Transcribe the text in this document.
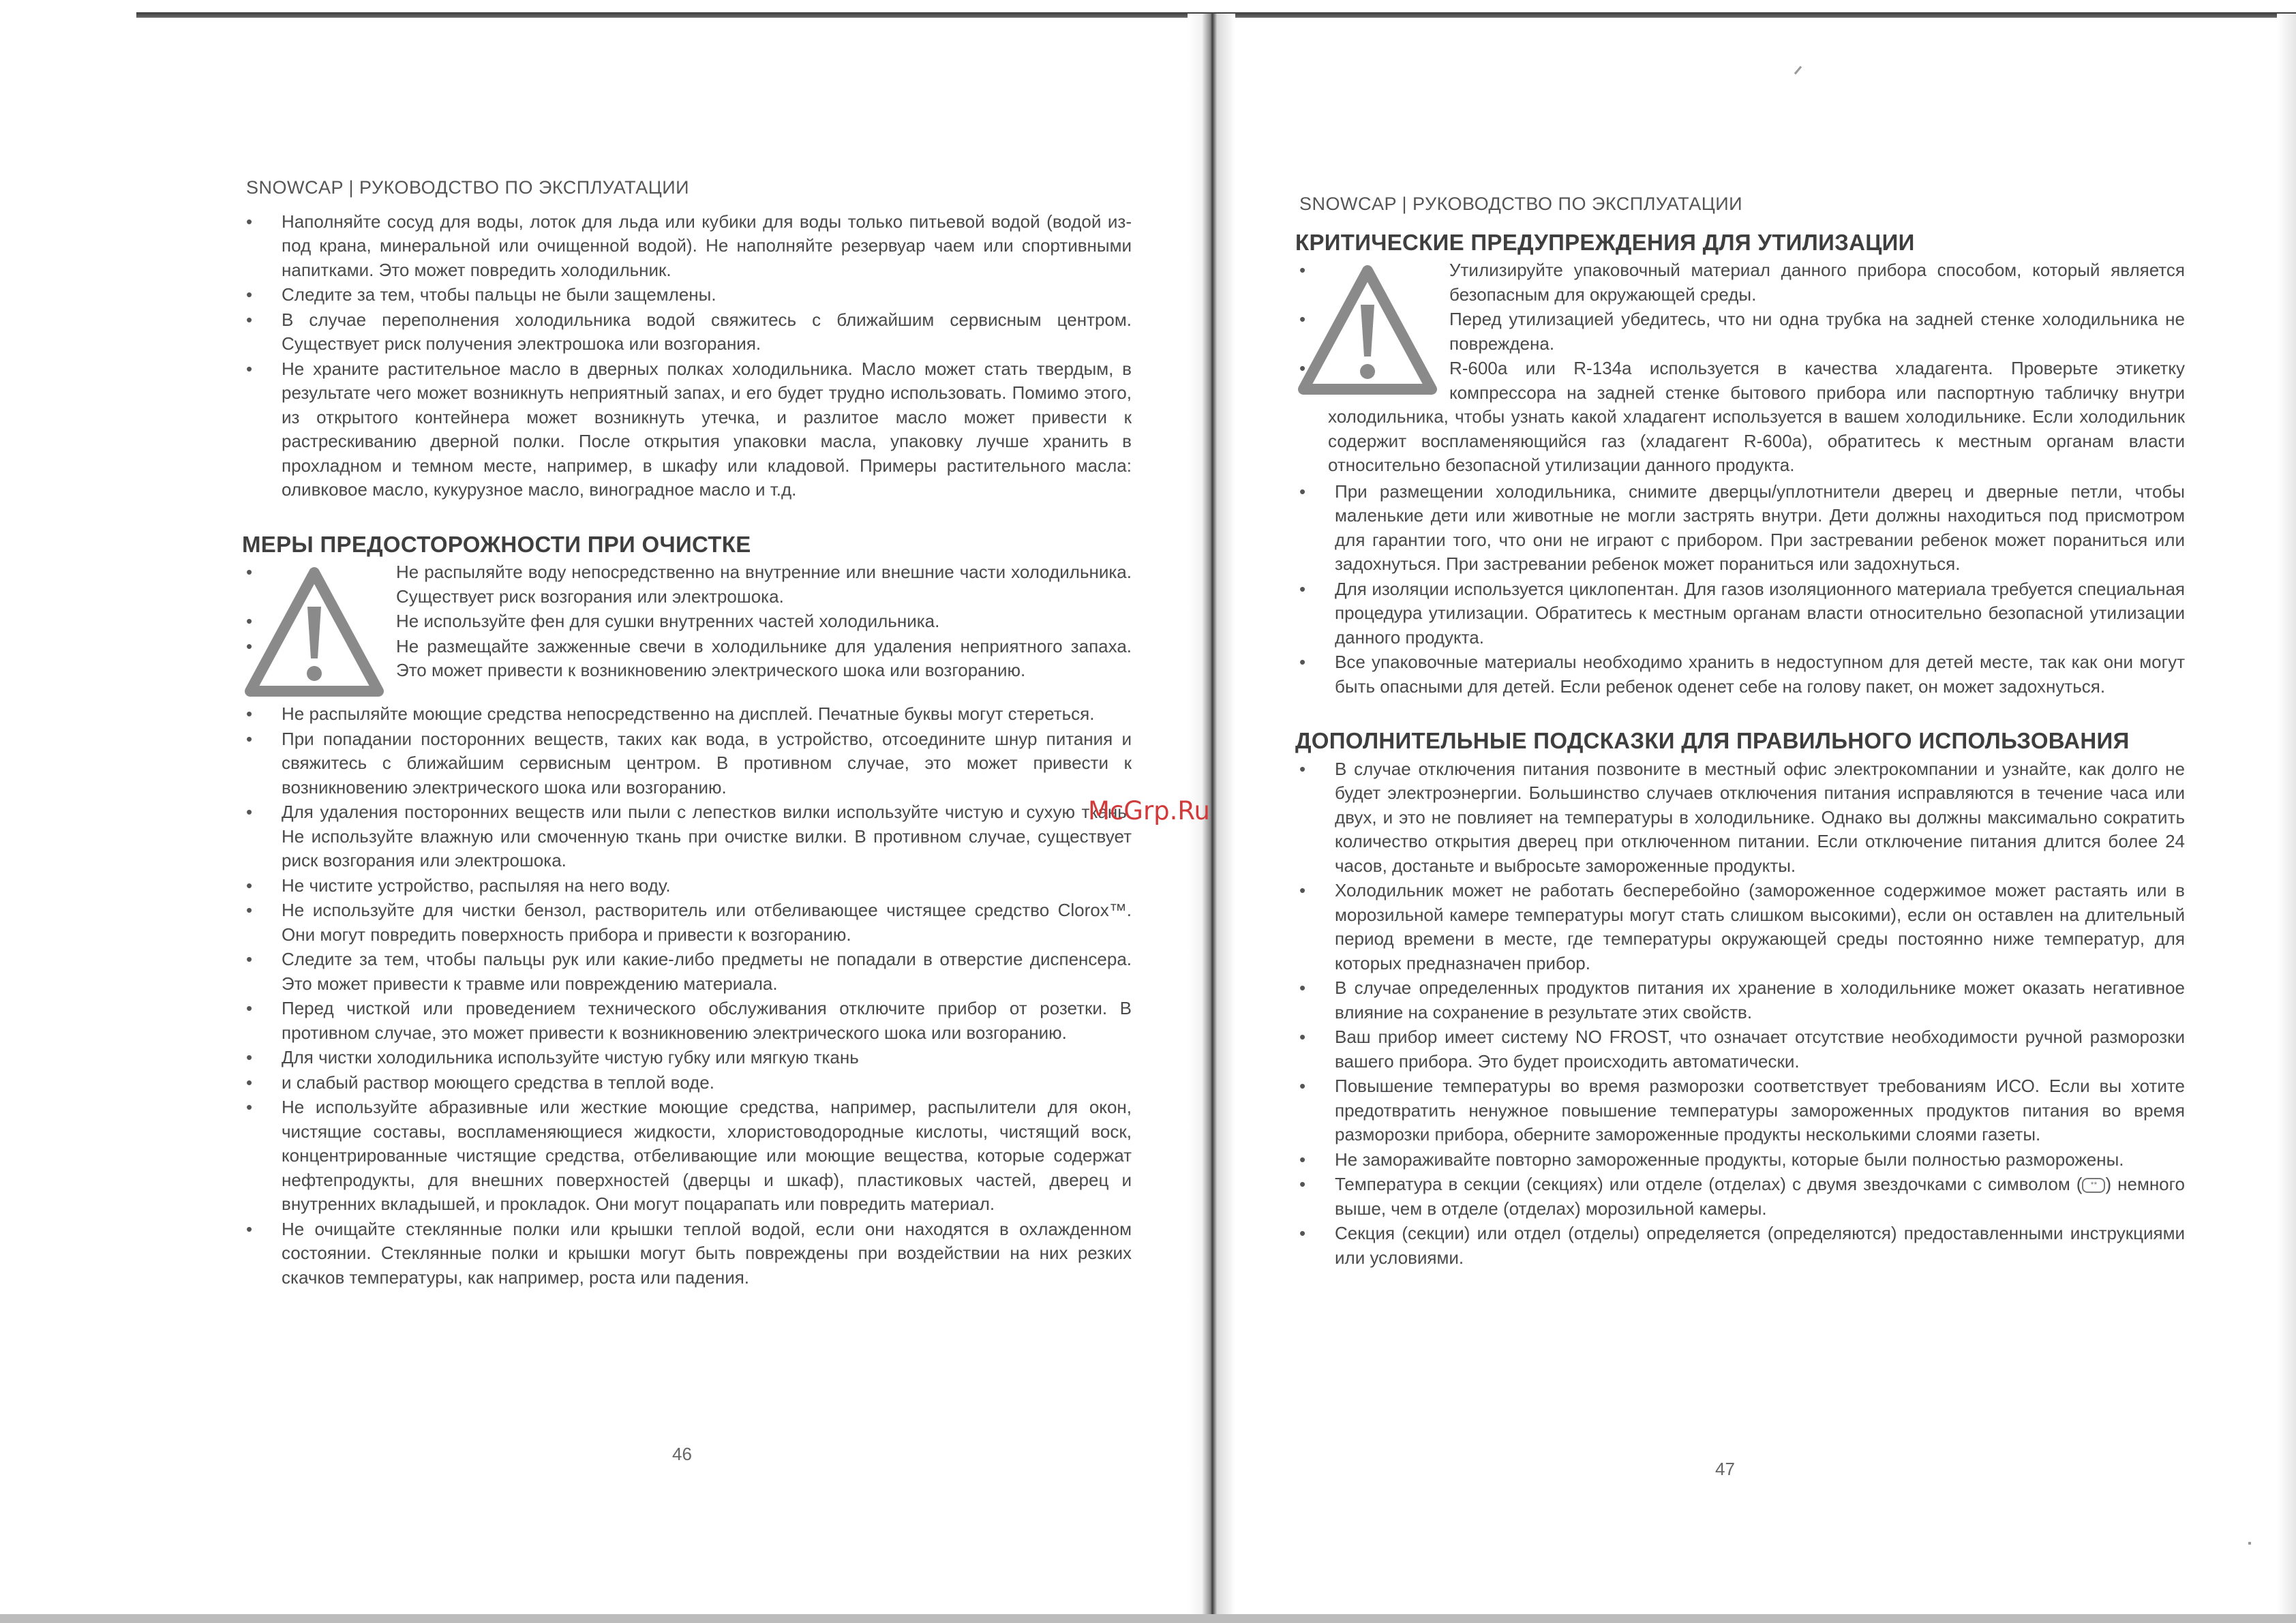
SNOWCAP | РУКОВОДСТВО ПО ЭКСПЛУАТАЦИИ
• Наполняйте сосуд для воды, лоток для льда или кубики для воды только питьевой водой (водой из-под крана, минеральной или очищенной водой). Не наполняйте резервуар чаем или спортивными напитками. Это может повредить холодильник.
• Следите за тем, чтобы пальцы не были защемлены.
• В случае переполнения холодильника водой свяжитесь с ближайшим сервисным центром. Существует риск получения электрошока или возгорания.
• Не храните растительное масло в дверных полках холодильника. Масло может стать твердым, в результате чего может возникнуть неприятный запах, и его будет трудно использовать. Помимо этого, из открытого контейнера может возникнуть утечка, и разлитое масло может привести к растрескиванию дверной полки. После открытия упаковки масла, упаковку лучше хранить в прохладном и темном месте, например, в шкафу или кладовой. Примеры растительного масла: оливковое масло, кукурузное масло, виноградное масло и т.д.
МЕРЫ ПРЕДОСТОРОЖНОСТИ ПРИ ОЧИСТКЕ
• Не распыляйте воду непосредственно на внутренние или внешние части холодильника. Существует риск возгорания или электрошока.
• Не используйте фен для сушки внутренних частей холодильника.
• Не размещайте зажженные свечи в холодильнике для удаления неприятного запаха. Это может привести к возникновению электрического шока или возгоранию.
• Не распыляйте моющие средства непосредственно на дисплей. Печатные буквы могут стереться.
• При попадании посторонних веществ, таких как вода, в устройство, отсоедините шнур питания и свяжитесь с ближайшим сервисным центром. В противном случае, это может привести к возникновению электрического шока или возгоранию.
• Для удаления посторонних веществ или пыли с лепестков вилки используйте чистую и сухую ткань. Не используйте влажную или смоченную ткань при очистке вилки. В противном случае, существует риск возгорания или электрошока.
• Не чистите устройство, распыляя на него воду.
• Не используйте для чистки бензол, растворитель или отбеливающее чистящее средство Clorox™. Они могут повредить поверхность прибора и привести к возгоранию.
• Следите за тем, чтобы пальцы рук или какие-либо предметы не попадали в отверстие диспенсера. Это может привести к травме или повреждению материала.
• Перед чисткой или проведением технического обслуживания отключите прибор от розетки. В противном случае, это может привести к возникновению электрического шока или возгоранию.
• Для чистки холодильника используйте чистую губку или мягкую ткань
• и слабый раствор моющего средства в теплой воде.
• Не используйте абразивные или жесткие моющие средства, например, распылители для окон, чистящие составы, воспламеняющиеся жидкости, хлористоводородные кислоты, чистящий воск, концентрированные чистящие средства, отбеливающие или моющие вещества, которые содержат нефтепродукты, для внешних поверхностей (дверцы и шкаф), пластиковых частей, дверец и внутренних вкладышей, и прокладок. Они могут поцарапать или повредить материал.
• Не очищайте стеклянные полки или крышки теплой водой, если они находятся в охлажденном состоянии. Стеклянные полки и крышки могут быть повреждены при воздействии на них резких скачков температуры, как например, роста или падения.
46
SNOWCAP | РУКОВОДСТВО ПО ЭКСПЛУАТАЦИИ
КРИТИЧЕСКИЕ ПРЕДУПРЕЖДЕНИЯ ДЛЯ УТИЛИЗАЦИИ
• Утилизируйте упаковочный материал данного прибора способом, который является безопасным для окружающей среды.
• Перед утилизацией убедитесь, что ни одна трубка на задней стенке холодильника не повреждена.
• R-600a или R-134a используется в качества хладагента. Проверьте этикетку компрессора на задней стенке бытового прибора или паспортную табличку внутри холодильника, чтобы узнать какой хладагент используется в вашем холодильнике. Если холодильник содержит воспламеняющийся газ (хладагент R-600a), обратитесь к местным органам власти относительно безопасной утилизации данного продукта.
• При размещении холодильника, снимите дверцы/уплотнители дверец и дверные петли, чтобы маленькие дети или животные не могли застрять внутри. Дети должны находиться под присмотром для гарантии того, что они не играют с прибором. При застревании ребенок может пораниться или задохнуться. При застревании ребенок может пораниться или задохнуться.
• Для изоляции используется циклопентан. Для газов изоляционного материала требуется специальная процедура утилизации. Обратитесь к местным органам власти относительно безопасной утилизации данного продукта.
• Все упаковочные материалы необходимо хранить в недоступном для детей месте, так как они могут быть опасными для детей. Если ребенок оденет себе на голову пакет, он может задохнуться.
ДОПОЛНИТЕЛЬНЫЕ ПОДСКАЗКИ ДЛЯ ПРАВИЛЬНОГО ИСПОЛЬЗОВАНИЯ
• В случае отключения питания позвоните в местный офис электрокомпании и узнайте, как долго не будет электроэнергии. Большинство случаев отключения питания исправляются в течение часа или двух, и это не повлияет на температуры в холодильнике. Однако вы должны максимально сократить количество открытия дверец при отключенном питании. Если отключение питания длится более 24 часов, достаньте и выбросьте замороженные продукты.
• Холодильник может не работать бесперебойно (замороженное содержимое может растаять или в морозильной камере температуры могут стать слишком высокими), если он оставлен на длительный период времени в месте, где температуры окружающей среды постоянно ниже температур, для которых предназначен прибор.
• В случае определенных продуктов питания их хранение в холодильнике может оказать негативное влияние на сохранение в результате этих свойств.
• Ваш прибор имеет систему NO FROST, что означает отсутствие необходимости ручной разморозки вашего прибора. Это будет происходить автоматически.
• Повышение температуры во время разморозки соответствует требованиям ИСО. Если вы хотите предотвратить ненужное повышение температуры замороженных продуктов питания во время разморозки прибора, оберните замороженные продукты несколькими слоями газеты.
• Не замораживайте повторно замороженные продукты, которые были полностью разморожены.
• Температура в секции (секциях) или отделе (отделах) с двумя звездочками с символом ( ** ) немного выше, чем в отделе (отделах) морозильной камеры.
• Секция (секции) или отдел (отделы) определяется (определяются) предоставленными инструкциями или условиями.
47
McGrp.Ru
